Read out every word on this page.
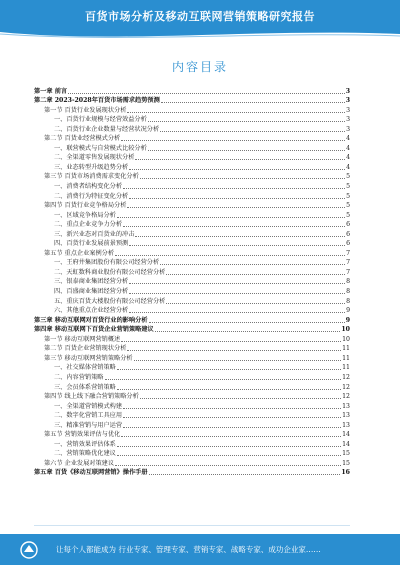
百货市场分析及移动互联网营销策略研究报告
内容目录
第一章 前言	3
第二章 2023-2028年百货市场需求趋势预测	3
第一节 百货行业发展现状分析	3
一、百货行业规模与经营效益分析	3
二、百货行业企业数量与经营状况分析	3
第二节 百货业经营模式分析	4
一、联营模式与自营模式比较分析	4
二、全渠道零售发展现状分析	4
三、业态转型升级趋势分析	4
第三节 百货市场消费需求变化分析	5
一、消费者结构变化分析	5
二、消费行为特征变化分析	5
第四节 百货行业竞争格局分析	5
一、区域竞争格局分析	5
二、重点企业竞争力分析	6
三、新兴业态对百货业的冲击	6
四、百货行业发展前景预测	6
第五节 重点企业案例分析	7
一、王府井集团股份有限公司经营分析	7
二、天虹数科商业股份有限公司经营分析	7
三、银泰商业集团经营分析	8
四、百盛商业集团经营分析	8
五、重庆百货大楼股份有限公司经营分析	8
六、其他重点企业经营分析	9
第三章 移动互联网对百货行业的影响分析	9
第四章 移动互联网下百货企业营销策略建议	10
第一节 移动互联网营销概述	10
第二节 百货企业营销现状分析	11
第三节 移动互联网营销策略分析	11
一、社交媒体营销策略	11
二、内容营销策略	12
三、会员体系营销策略	12
第四节 线上线下融合营销策略分析	12
一、全渠道营销模式构建	13
二、数字化营销工具应用	13
三、精准营销与用户运营	13
第五节 营销效果评估与优化	14
一、营销效果评估体系	14
二、营销策略优化建议	15
第六节 企业发展对策建议	15
第五章 百货《移动互联网营销》操作手册	16
让每个人都能成为 行业专家、管理专家、营销专家、战略专家、成功企业家……
